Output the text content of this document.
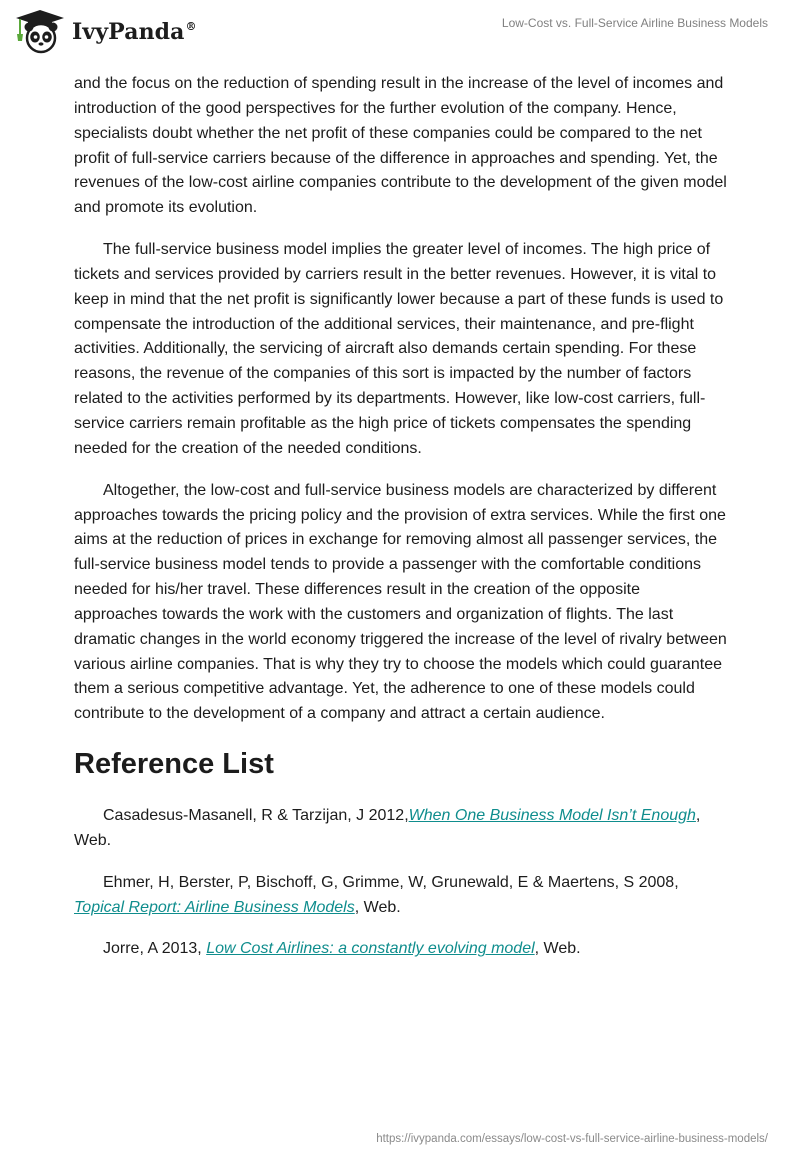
IvyPanda®	Low-Cost vs. Full-Service Airline Business Models

and the focus on the reduction of spending result in the increase of the level of incomes and introduction of the good perspectives for the further evolution of the company. Hence, specialists doubt whether the net profit of these companies could be compared to the net profit of full-service carriers because of the difference in approaches and spending. Yet, the revenues of the low-cost airline companies contribute to the development of the given model and promote its evolution.

The full-service business model implies the greater level of incomes. The high price of tickets and services provided by carriers result in the better revenues. However, it is vital to keep in mind that the net profit is significantly lower because a part of these funds is used to compensate the introduction of the additional services, their maintenance, and pre-flight activities. Additionally, the servicing of aircraft also demands certain spending. For these reasons, the revenue of the companies of this sort is impacted by the number of factors related to the activities performed by its departments. However, like low-cost carriers, full-service carriers remain profitable as the high price of tickets compensates the spending needed for the creation of the needed conditions.

Altogether, the low-cost and full-service business models are characterized by different approaches towards the pricing policy and the provision of extra services. While the first one aims at the reduction of prices in exchange for removing almost all passenger services, the full-service business model tends to provide a passenger with the comfortable conditions needed for his/her travel. These differences result in the creation of the opposite approaches towards the work with the customers and organization of flights. The last dramatic changes in the world economy triggered the increase of the level of rivalry between various airline companies. That is why they try to choose the models which could guarantee them a serious competitive advantage. Yet, the adherence to one of these models could contribute to the development of a company and attract a certain audience.

Reference List

Casadesus-Masanell, R & Tarzijan, J 2012,When One Business Model Isn’t Enough, Web.

Ehmer, H, Berster, P, Bischoff, G, Grimme, W, Grunewald, E & Maertens, S 2008, Topical Report: Airline Business Models, Web.

Jorre, A 2013, Low Cost Airlines: a constantly evolving model, Web.

https://ivypanda.com/essays/low-cost-vs-full-service-airline-business-models/
